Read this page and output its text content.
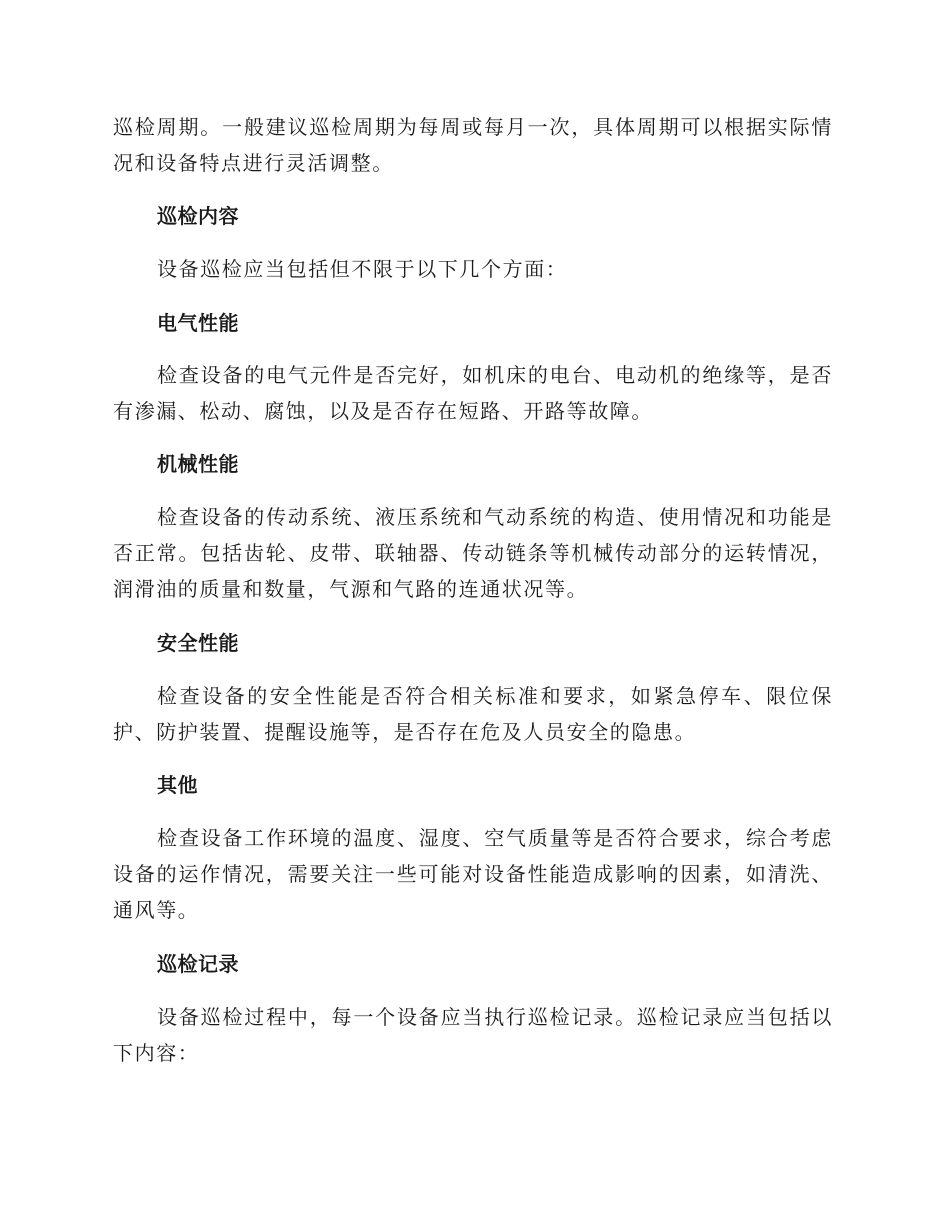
巡检周期。一般建议巡检周期为每周或每月一次，具体周期可以根据实际情况和设备特点进行灵活调整。

巡检内容

设备巡检应当包括但不限于以下几个方面：

电气性能

检查设备的电气元件是否完好，如机床的电台、电动机的绝缘等，是否有渗漏、松动、腐蚀，以及是否存在短路、开路等故障。

机械性能

检查设备的传动系统、液压系统和气动系统的构造、使用情况和功能是否正常。包括齿轮、皮带、联轴器、传动链条等机械传动部分的运转情况，润滑油的质量和数量，气源和气路的连通状况等。

安全性能

检查设备的安全性能是否符合相关标准和要求，如紧急停车、限位保护、防护装置、提醒设施等，是否存在危及人员安全的隐患。

其他

检查设备工作环境的温度、湿度、空气质量等是否符合要求，综合考虑设备的运作情况，需要关注一些可能对设备性能造成影响的因素，如清洗、通风等。

巡检记录

设备巡检过程中，每一个设备应当执行巡检记录。巡检记录应当包括以下内容：
